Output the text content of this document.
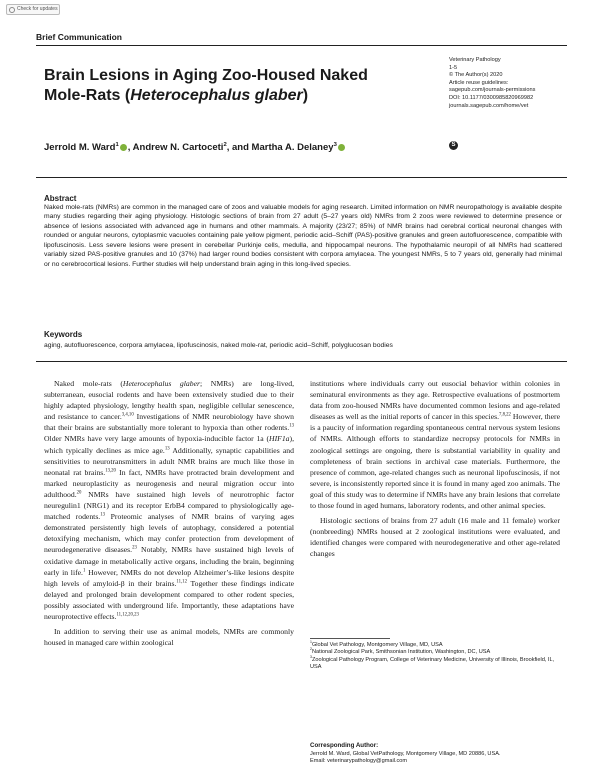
Check for updates
Brief Communication
Brain Lesions in Aging Zoo-Housed Naked Mole-Rats (Heterocephalus glaber)
Veterinary Pathology
1-5
© The Author(s) 2020
Article reuse guidelines:
sagepub.com/journals-permissions
DOI: 10.1177/0300985820969982
journals.sagepub.com/home/vet
S
Jerrold M. Ward$^1$ , Andrew N. Cartoceti$^2$, and Martha A. Delaney$^3$
Abstract
Naked mole-rats (NMRs) are common in the managed care of zoos and valuable models for aging research. Limited information on NMR neuropathology is available despite many studies regarding their aging physiology. Histologic sections of brain from 27 adult (5–27 years old) NMRs from 2 zoos were reviewed to determine presence or absence of lesions associated with advanced age in humans and other mammals. A majority (23/27; 85%) of NMR brains had cerebral cortical neuronal changes with rounded or angular neurons, cytoplasmic vacuoles containing pale yellow pigment, periodic acid–Schiff (PAS)-positive granules and green autofluorescence, compatible with lipofuscinosis. Less severe lesions were present in cerebellar Purkinje cells, medulla, and hippocampal neurons. The hypothalamic neuropil of all NMRs had scattered variably sized PAS-positive granules and 10 (37%) had larger round bodies consistent with corpora amylacea. The youngest NMRs, 5 to 7 years old, generally had minimal or no cerebrocortical lesions. Further studies will help understand brain aging in this long-lived species.
Keywords
aging, autofluorescence, corpora amylacea, lipofuscinosis, naked mole-rat, periodic acid–Schiff, polyglucosan bodies

Naked mole-rats (Heterocephalus glaber; NMRs) are long-lived, subterranean, eusocial rodents and have been extensively studied due to their highly adapted physiology, lengthy health span, negligible cellular senescence, and resistance to cancer.$^{3,4,10}$ Investigations of NMR neurobiology have shown that their brains are substantially more tolerant to hypoxia than other rodents.$^{13}$ Older NMRs have very large amounts of hypoxia-inducible factor 1a (HIF1a), which typically declines as mice age.$^{13}$ Additionally, synaptic capabilities and sensitivities to neurotransmitters in adult NMR brains are much like those in neonatal rat brains.$^{13,20}$ In fact, NMRs have protracted brain development and marked neuroplasticity as neurogenesis and neural migration occur into adulthood.$^{20}$ NMRs have sustained high levels of neurotrophic factor neuregulin1 (NRG1) and its receptor ErbB4 compared to physiologically age-matched rodents.$^{13}$ Proteomic analyses of NMR brains of varying ages demonstrated persistently high levels of autophagy, considered a potential detoxifying mechanism, which may confer protection from development of neurodegenerative diseases.$^{23}$ Notably, NMRs have sustained high levels of oxidative damage in metabolically active organs, including the brain, beginning early in life.$^1$ However, NMRs do not develop Alzheimer’s-like lesions despite high levels of amyloid-β in their brains.$^{11,12}$ Together these findings indicate delayed and prolonged brain development compared to other rodent species, possibly associated with underground life. Importantly, these adaptations have neuroprotective effects.$^{11,12,20,23}$

In addition to serving their use as animal models, NMRs are commonly housed in managed care within zoological

institutions where individuals carry out eusocial behavior within colonies in seminatural environments as they age. Retrospective evaluations of postmortem data from zoo-housed NMRs have documented common lesions and age-related diseases as well as the initial reports of cancer in this species.$^{7,8,22}$ However, there is a paucity of information regarding spontaneous central nervous system lesions of NMRs. Although efforts to standardize necropsy protocols for NMRs in zoological settings are ongoing, there is substantial variability in quality and completeness of brain sections in archival case materials. Furthermore, the presence of common, age-related changes such as neuronal lipofuscinosis, if not severe, is inconsistently reported since it is found in many aged zoo animals. The goal of this study was to determine if NMRs have any brain lesions that correlate to those found in aged humans, laboratory rodents, and other animal species.

Histologic sections of brains from 27 adult (16 male and 11 female) worker (nonbreeding) NMRs housed at 2 zoological institutions were evaluated, and identified changes were compared with neurodegenerative and other age-related changes

$^1$Global Vet Pathology, Montgomery Village, MD, USA
$^2$National Zoological Park, Smithsonian Institution, Washington, DC, USA
$^3$Zoological Pathology Program, College of Veterinary Medicine, University of Illinois, Brookfield, IL, USA
Corresponding Author:
Jerrold M. Ward, Global VetPathology, Montgomery Village, MD 20886, USA.
Email: veterinarypathology@gmail.com
